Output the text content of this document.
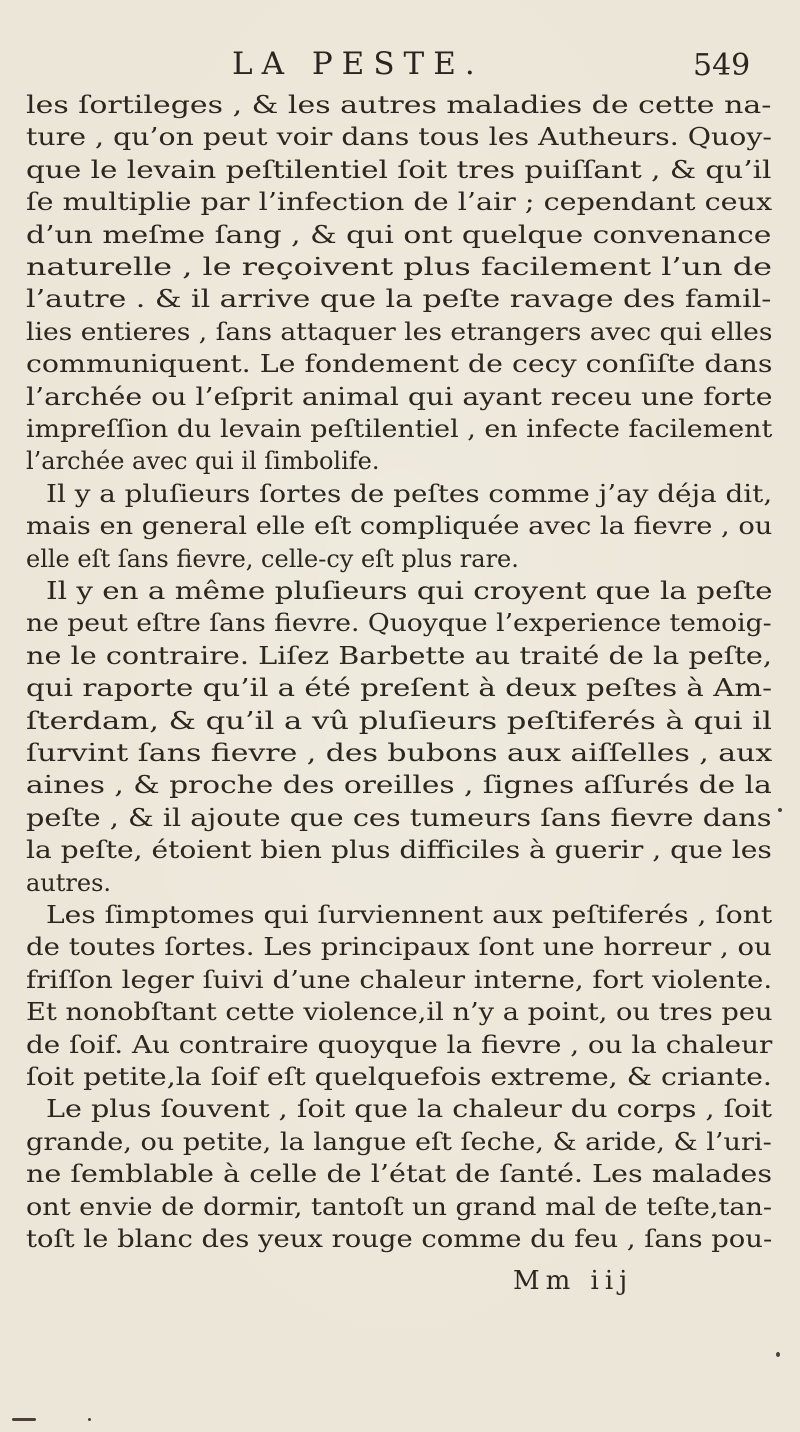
LA PESTE.	549
les ſortileges , & les autres maladies de cette na-
ture , qu’on peut voir dans tous les Autheurs. Quoy-
que le levain peſtilentiel ſoit tres puiſſant , & qu’il
ſe multiplie par l’infection de l’air ; cependant ceux
d’un meſme ſang , & qui ont quelque convenance
naturelle , le reçoivent plus facilement l’un de
l’autre . & il arrive que la peſte ravage des famil-
lies entieres , ſans attaquer les etrangers avec qui elles
communiquent. Le fondement de cecy conſiſte dans
l’archée ou l’eſprit animal qui ayant receu une forte
impreſſion du levain peſtilentiel , en infecte facilement
l’archée avec qui il ſimbolife.
Il y a pluſieurs ſortes de peſtes comme j’ay déja dit,
mais en general elle eſt compliquée avec la fievre , ou
elle eſt ſans fievre, celle-cy eſt plus rare.
Il y en a même pluſieurs qui croyent que la peſte
ne peut eſtre ſans fievre. Quoyque l’experience temoig-
ne le contraire. Liſez Barbette au traité de la peſte,
qui raporte qu’il a été preſent à deux peſtes à Am-
ſterdam, & qu’il a vû pluſieurs peſtiferés à qui il
ſurvint ſans fievre , des bubons aux aiſſelles , aux
aines , & proche des oreilles , ſignes aſſurés de la
peſte , & il ajoute que ces tumeurs ſans fievre dans
la peſte, étoient bien plus difficiles à guerir , que les
autres.
Les ſimptomes qui ſurviennent aux peſtiferés , ſont
de toutes ſortes. Les principaux ſont une horreur , ou
friſſon leger ſuivi d’une chaleur interne, fort violente.
Et nonobſtant cette violence,il n’y a point, ou tres peu
de ſoif. Au contraire quoyque la fievre , ou la chaleur
ſoit petite,la ſoif eſt quelquefois extreme, & criante.
Le plus ſouvent , ſoit que la chaleur du corps , ſoit
grande, ou petite, la langue eſt ſeche, & aride, & l’uri-
ne ſemblable à celle de l’état de ſanté. Les malades
ont envie de dormir, tantoſt un grand mal de teſte,tan-
toſt le blanc des yeux rouge comme du feu , ſans pou-
Mm iij
